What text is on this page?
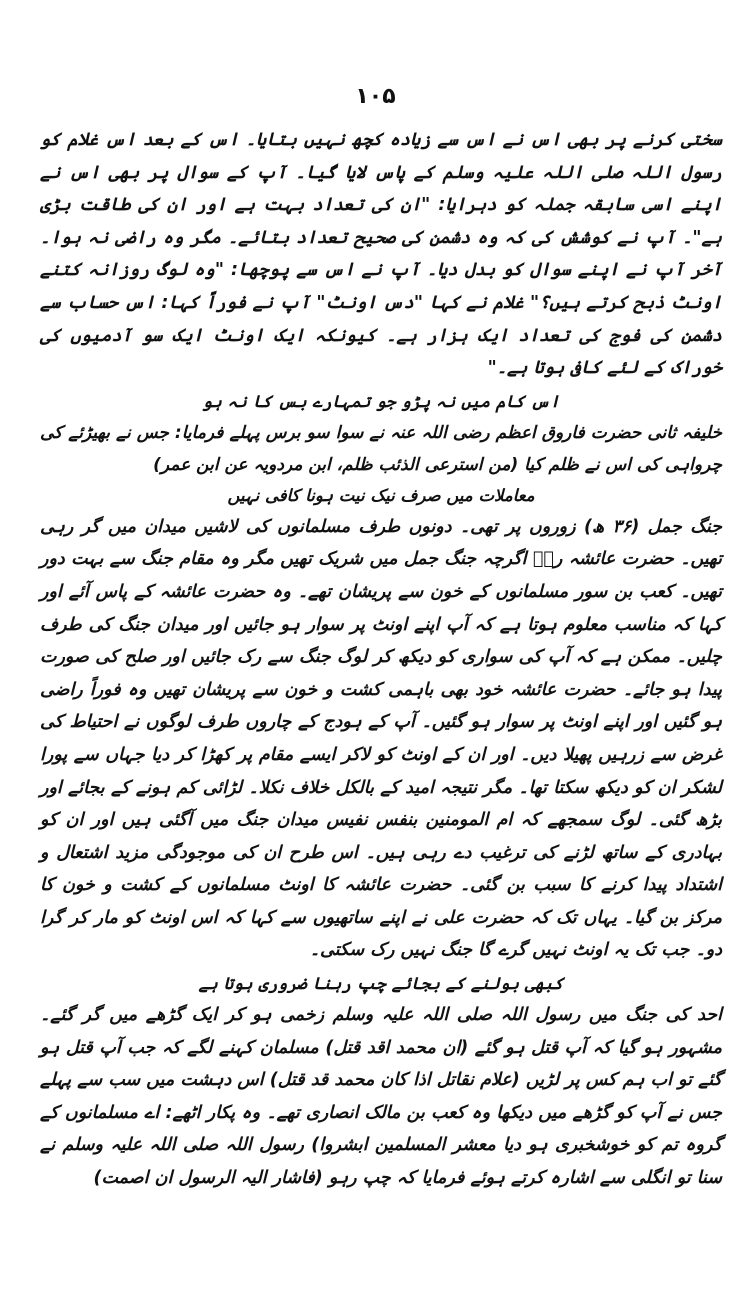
۱۰۵

سختی کرنے پر بھی اس نے اس سے زیادہ کچھ نہیں بتایا۔ اس کے بعد اس غلام کو رسول اللہ صلی اللہ علیہ وسلم کے پاس لایا گیا۔ آپ کے سوال پر بھی اس نے اپنے اسی سابقہ جملہ کو دہرایا: "ان کی تعداد بہت ہے اور ان کی طاقت بڑی ہے"۔ آپ نے کوشش کی کہ وہ دشمن کی صحیح تعداد بتائے۔ مگر وہ راضی نہ ہوا۔ آخر آپ نے اپنے سوال کو بدل دیا۔ آپ نے اس سے پوچھا: "وہ لوگ روزانہ کتنے اونٹ ذبح کرتے ہیں؟" غلام نے کہا "دس اونٹ" آپ نے فوراً کہا: اس حساب سے دشمن کی فوج کی تعداد ایک ہزار ہے۔ کیونکہ ایک اونٹ ایک سو آدمیوں کی خوراک کے لئے کافی ہوتا ہے۔"

اس کام میں نہ پڑو جو تمہارے بس کا نہ ہو

خلیفہ ثانی حضرت فاروق اعظم رضی اللہ عنہ نے سوا سو برس پہلے فرمایا: جس نے بھیڑئے کی چرواہی کی اس نے ظلم کیا (من استرعی الذئب ظلم، ابن مردویہ عن ابن عمر)

معاملات میں صرف نیک نیت ہونا کافی نہیں

جنگ جمل (۳۶ ھ) زوروں پر تھی۔ دونوں طرف مسلمانوں کی لاشیں میدان میں گر رہی تھیں۔ حضرت عائشہ رضؓ اگرچہ جنگ جمل میں شریک تھیں مگر وہ مقام جنگ سے بہت دور تھیں۔ کعب بن سور مسلمانوں کے خون سے پریشان تھے۔ وہ حضرت عائشہ کے پاس آئے اور کہا کہ مناسب معلوم ہوتا ہے کہ آپ اپنے اونٹ پر سوار ہو جائیں اور میدان جنگ کی طرف چلیں۔ ممکن ہے کہ آپ کی سواری کو دیکھ کر لوگ جنگ سے رک جائیں اور صلح کی صورت پیدا ہو جائے۔ حضرت عائشہ خود بھی باہمی کشت و خون سے پریشان تھیں وہ فوراً راضی ہو گئیں اور اپنے اونٹ پر سوار ہو گئیں۔ آپ کے ہودج کے چاروں طرف لوگوں نے احتیاط کی غرض سے زرہیں پھیلا دیں۔ اور ان کے اونٹ کو لاکر ایسے مقام پر کھڑا کر دیا جہاں سے پورا لشکر ان کو دیکھ سکتا تھا۔ مگر نتیجہ امید کے بالکل خلاف نکلا۔ لڑائی کم ہونے کے بجائے اور بڑھ گئی۔ لوگ سمجھے کہ ام المومنین بنفس نفیس میدان جنگ میں آگئی ہیں اور ان کو بہادری کے ساتھ لڑنے کی ترغیب دے رہی ہیں۔ اس طرح ان کی موجودگی مزید اشتعال و اشتداد پیدا کرنے کا سبب بن گئی۔ حضرت عائشہ کا اونٹ مسلمانوں کے کشت و خون کا مرکز بن گیا۔ یہاں تک کہ حضرت علی نے اپنے ساتھیوں سے کہا کہ اس اونٹ کو مار کر گرا دو۔ جب تک یہ اونٹ نہیں گرے گا جنگ نہیں رک سکتی۔

کبھی بولنے کے بجائے چپ رہنا ضروری ہوتا ہے

احد کی جنگ میں رسول اللہ صلی اللہ علیہ وسلم زخمی ہو کر ایک گڑھے میں گر گئے۔ مشہور ہو گیا کہ آپ قتل ہو گئے (ان محمد اقد قتل) مسلمان کہنے لگے کہ جب آپ قتل ہو گئے تو اب ہم کس پر لڑیں (علام نقاتل اذا کان محمد قد قتل) اس دہشت میں سب سے پہلے جس نے آپ کو گڑھے میں دیکھا وہ کعب بن مالک انصاری تھے۔ وہ پکار اٹھے: اے مسلمانوں کے گروہ تم کو خوشخبری ہو دیا معشر المسلمین ابشروا) رسول اللہ صلی اللہ علیہ وسلم نے سنا تو انگلی سے اشارہ کرتے ہوئے فرمایا کہ چپ رہو (فاشار الیہ الرسول ان اصمت)
